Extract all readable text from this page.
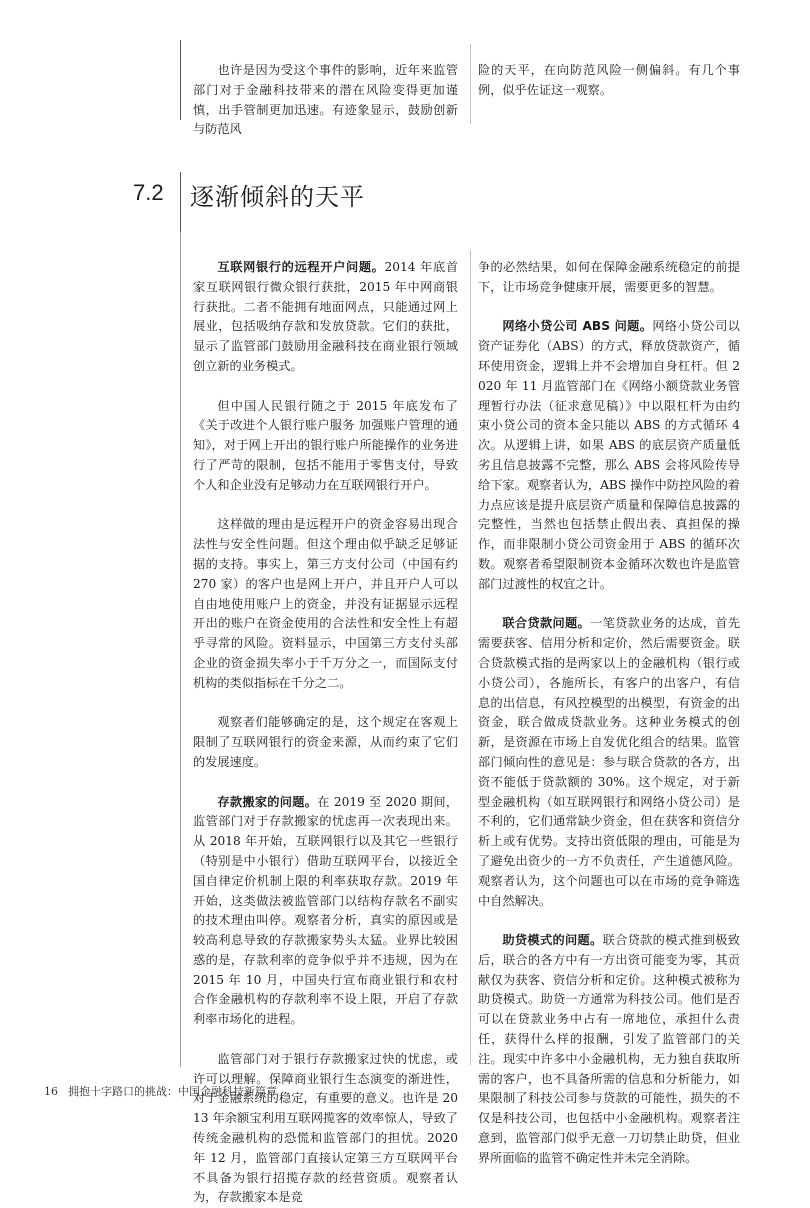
也许是因为受这个事件的影响，近年来监管部门对于金融科技带来的潜在风险变得更加谨慎，出手管制更加迅速。有迹象显示，鼓励创新与防范风

险的天平，在向防范风险一侧偏斜。有几个事例，似乎佐证这一观察。

7.2 逐渐倾斜的天平

互联网银行的远程开户问题。2014 年底首家互联网银行微众银行获批，2015 年中网商银行获批。二者不能拥有地面网点，只能通过网上展业，包括吸纳存款和发放贷款。它们的获批，显示了监管部门鼓励用金融科技在商业银行领域创立新的业务模式。

但中国人民银行随之于 2015 年底发布了《关于改进个人银行账户服务 加强账户管理的通知》，对于网上开出的银行账户所能操作的业务进行了严苛的限制，包括不能用于零售支付，导致个人和企业没有足够动力在互联网银行开户。

这样做的理由是远程开户的资金容易出现合法性与安全性问题。但这个理由似乎缺乏足够证据的支持。事实上，第三方支付公司（中国有约 270 家）的客户也是网上开户，并且开户人可以自由地使用账户上的资金，并没有证据显示远程开出的账户在资金使用的合法性和安全性上有超乎寻常的风险。资料显示，中国第三方支付头部企业的资金损失率小于千万分之一，而国际支付机构的类似指标在千分之二。

观察者们能够确定的是，这个规定在客观上限制了互联网银行的资金来源，从而约束了它们的发展速度。

存款搬家的问题。在 2019 至 2020 期间，监管部门对于存款搬家的忧虑再一次表现出来。从 2018 年开始，互联网银行以及其它一些银行（特别是中小银行）借助互联网平台，以接近全国自律定价机制上限的利率获取存款。2019 年开始，这类做法被监管部门以结构存款名不副实的技术理由叫停。观察者分析，真实的原因或是较高利息导致的存款搬家势头太猛。业界比较困惑的是，存款利率的竞争似乎并不违规，因为在 2015 年 10 月，中国央行宣布商业银行和农村合作金融机构的存款利率不设上限，开启了存款利率市场化的进程。

监管部门对于银行存款搬家过快的忧虑，或许可以理解。保障商业银行生态演变的渐进性，对于金融系统的稳定，有重要的意义。也许是 2013 年余额宝利用互联网揽客的效率惊人，导致了传统金融机构的恐慌和监管部门的担忧。2020 年 12 月，监管部门直接认定第三方互联网平台不具备为银行招揽存款的经营资质。观察者认为，存款搬家本是竞

争的必然结果，如何在保障金融系统稳定的前提下，让市场竞争健康开展，需要更多的智慧。

网络小贷公司 ABS 问题。网络小贷公司以资产证券化（ABS）的方式，释放贷款资产，循环使用资金，逻辑上并不会增加自身杠杆。但 2020 年 11 月监管部门在《网络小额贷款业务管理暂行办法（征求意见稿）》中以限杠杆为由约束小贷公司的资本金只能以 ABS 的方式循环 4 次。从逻辑上讲，如果 ABS 的底层资产质量低劣且信息披露不完整，那么 ABS 会将风险传导给下家。观察者认为，ABS 操作中防控风险的着力点应该是提升底层资产质量和保障信息披露的完整性，当然也包括禁止假出表、真担保的操作，而非限制小贷公司资金用于 ABS 的循环次数。观察者希望限制资本金循环次数也许是监管部门过渡性的权宜之计。

联合贷款问题。一笔贷款业务的达成，首先需要获客、信用分析和定价，然后需要资金。联合贷款模式指的是两家以上的金融机构（银行或小贷公司），各施所长，有客户的出客户，有信息的出信息，有风控模型的出模型，有资金的出资金，联合做成贷款业务。这种业务模式的创新，是资源在市场上自发优化组合的结果。监管部门倾向性的意见是：参与联合贷款的各方，出资不能低于贷款额的 30%。这个规定，对于新型金融机构（如互联网银行和网络小贷公司）是不利的，它们通常缺少资金，但在获客和资信分析上或有优势。支持出资低限的理由，可能是为了避免出资少的一方不负责任，产生道德风险。观察者认为，这个问题也可以在市场的竞争筛选中自然解决。

助贷模式的问题。联合贷款的模式推到极致后，联合的各方中有一方出资可能变为零，其贡献仅为获客、资信分析和定价。这种模式被称为助贷模式。助贷一方通常为科技公司。他们是否可以在贷款业务中占有一席地位，承担什么责任，获得什么样的报酬，引发了监管部门的关注。现实中许多中小金融机构，无力独自获取所需的客户，也不具备所需的信息和分析能力，如果限制了科技公司参与贷款的可能性，损失的不仅是科技公司，也包括中小金融机构。观察者注意到，监管部门似乎无意一刀切禁止助贷，但业界所面临的监管不确定性并未完全消除。

16 拥抱十字路口的挑战：中国金融科技新篇章
